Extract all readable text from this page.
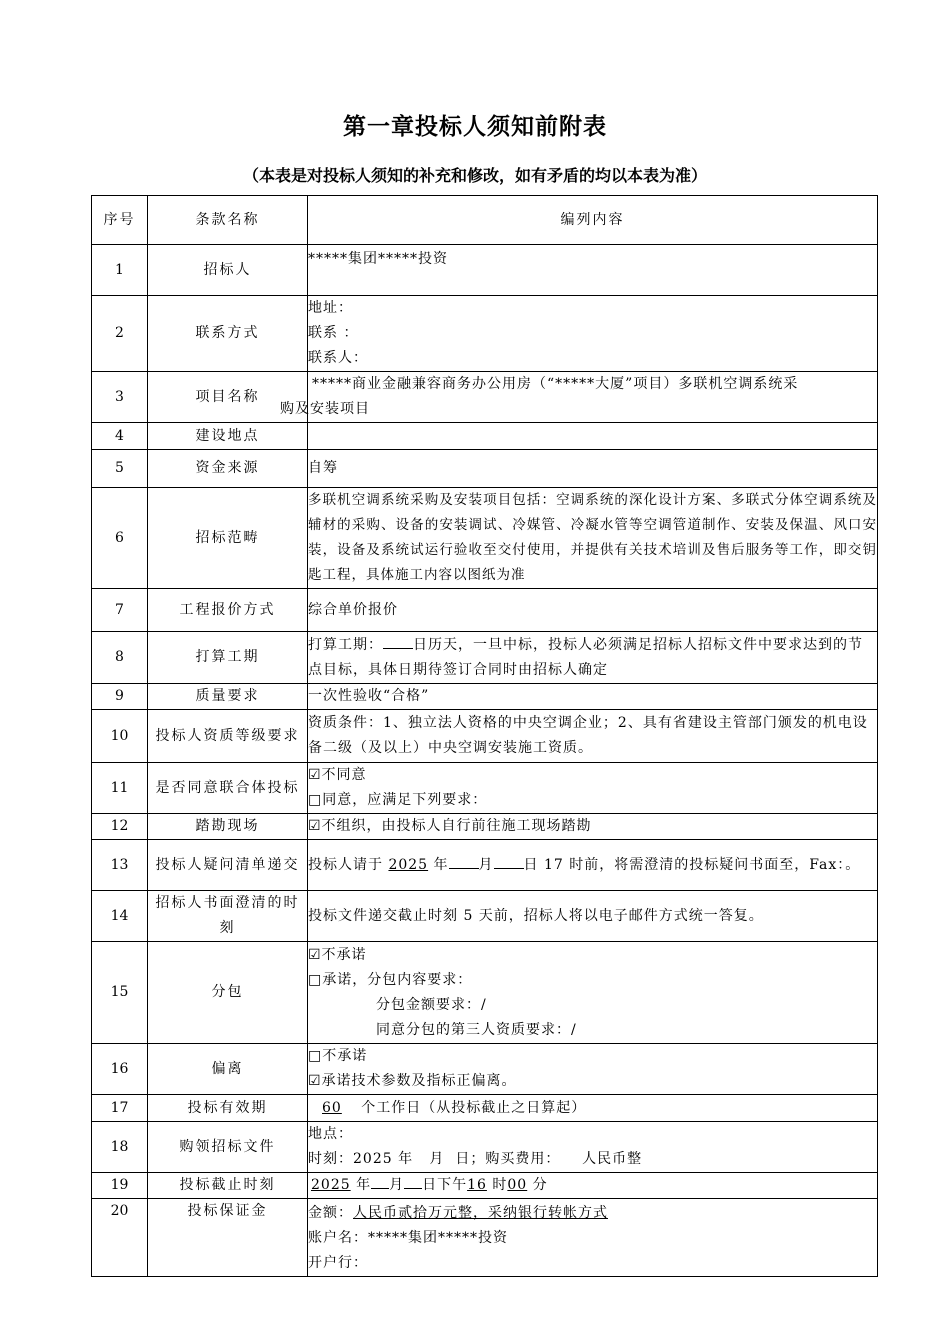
第一章投标人须知前附表
（本表是对投标人须知的补充和修改，如有矛盾的均以本表为准）
序号	条款名称	编列内容
1	招标人	*****集团*****投资

2	联系方式	地址：
联系 ：
联系人：

3	项目名称	*****商业金融兼容商务办公用房（“*****大厦”项目）多联机空调系统采
购及安装项目

4	建设地点	
5	资金来源	自筹

6	招标范畴	多联机空调系统采购及安装项目包括：空调系统的深化设计方案、多联式分体空调系统及辅材的采购、设备的安装调试、冷媒管、冷凝水管等空调管道制作、安装及保温、风口安装，设备及系统试运行验收至交付使用，并提供有关技术培训及售后服务等工作，即交钥匙工程，具体施工内容以图纸为准

7	工程报价方式	综合单价报价

8	打算工期	打算工期： 日历天，一旦中标，投标人必须满足招标人招标文件中要求达到的节点目标，具体日期待签订合同时由招标人确定

9	质量要求	一次性验收“合格”

10	投标人资质等级要求	资质条件：1、独立法人资格的中央空调企业；2、具有省建设主管部门颁发的机电设备二级（及以上）中央空调安装施工资质。

11	是否同意联合体投标	☑不同意
□同意，应满足下列要求：

12	踏勘现场	☑不组织，由投标人自行前往施工现场踏勘

13	投标人疑问清单递交	投标人请于 2025 年 月 日 17 时前，将需澄清的投标疑问书面至，Fax：。

14	招标人书面澄清的时刻	投标文件递交截止时刻 5 天前，招标人将以电子邮件方式统一答复。

15	分包	☑不承诺
□承诺，分包内容要求：
分包金额要求：/
同意分包的第三人资质要求：/

16	偏离	□不承诺
☑承诺技术参数及指标正偏离。

17	投标有效期	60 个工作日（从投标截止之日算起）

18	购领招标文件	地点：
时刻：2025 年   月  日；购买费用：    人民币整

19	投标截止时刻	2025 年 月 日下午16 时00 分

20	投标保证金	金额：人民币贰拾万元整，采纳银行转帐方式
账户名：*****集团*****投资
开户行：
